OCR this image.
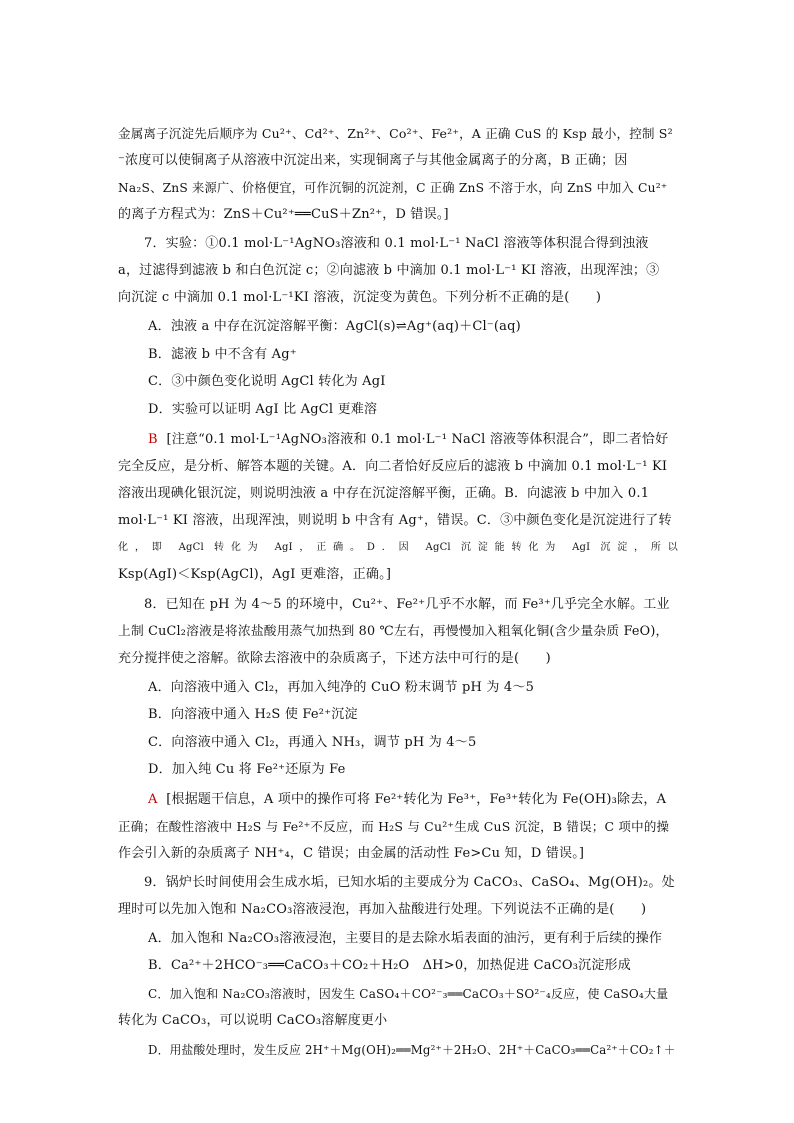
金属离子沉淀先后顺序为 Cu²⁺、Cd²⁺、Zn²⁺、Co²⁺、Fe²⁺，A 正确 CuS 的 Ksp 最小，控制 S²
⁻浓度可以使铜离子从溶液中沉淀出来，实现铜离子与其他金属离子的分离，B 正确；因
Na₂S、ZnS 来源广、价格便宜，可作沉铜的沉淀剂，C 正确 ZnS 不溶于水，向 ZnS 中加入 Cu²⁺
的离子方程式为：ZnS＋Cu²⁺══CuS＋Zn²⁺，D 错误。]
7．实验：①0.1 mol·L⁻¹AgNO₃溶液和 0.1 mol·L⁻¹ NaCl 溶液等体积混合得到浊液
a，过滤得到滤液 b 和白色沉淀 c；②向滤液 b 中滴加 0.1 mol·L⁻¹ KI 溶液，出现浑浊；③
向沉淀 c 中滴加 0.1 mol·L⁻¹KI 溶液，沉淀变为黄色。下列分析不正确的是(　　)
A．浊液 a 中存在沉淀溶解平衡：AgCl(s)⇌Ag⁺(aq)＋Cl⁻(aq)
B．滤液 b 中不含有 Ag⁺
C．③中颜色变化说明 AgCl 转化为 AgI
D．实验可以证明 AgI 比 AgCl 更难溶
B [注意“0.1 mol·L⁻¹AgNO₃溶液和 0.1 mol·L⁻¹ NaCl 溶液等体积混合”，即二者恰好
完全反应，是分析、解答本题的关键。A．向二者恰好反应后的滤液 b 中滴加 0.1 mol·L⁻¹ KI
溶液出现碘化银沉淀，则说明浊液 a 中存在沉淀溶解平衡，正确。B．向滤液 b 中加入 0.1
mol·L⁻¹ KI 溶液，出现浑浊，则说明 b 中含有 Ag⁺，错误。C．③中颜色变化是沉淀进行了转
化，即 AgCl 转化为 AgI，正确。D．因 AgCl 沉淀能转化为 AgI 沉淀，所以
Ksp(AgI)＜Ksp(AgCl)，AgI 更难溶，正确。]
8．已知在 pH 为 4～5 的环境中，Cu²⁺、Fe²⁺几乎不水解，而 Fe³⁺几乎完全水解。工业
上制 CuCl₂溶液是将浓盐酸用蒸气加热到 80 ℃左右，再慢慢加入粗氧化铜(含少量杂质 FeO)，
充分搅拌使之溶解。欲除去溶液中的杂质离子，下述方法中可行的是(　　)
A．向溶液中通入 Cl₂，再加入纯净的 CuO 粉末调节 pH 为 4～5
B．向溶液中通入 H₂S 使 Fe²⁺沉淀
C．向溶液中通入 Cl₂，再通入 NH₃，调节 pH 为 4～5
D．加入纯 Cu 将 Fe²⁺还原为 Fe
A [根据题干信息，A 项中的操作可将 Fe²⁺转化为 Fe³⁺，Fe³⁺转化为 Fe(OH)₃除去，A
正确；在酸性溶液中 H₂S 与 Fe²⁺不反应，而 H₂S 与 Cu²⁺生成 CuS 沉淀，B 错误；C 项中的操
作会引入新的杂质离子 NH⁺₄，C 错误；由金属的活动性 Fe>Cu 知，D 错误。]
9．锅炉长时间使用会生成水垢，已知水垢的主要成分为 CaCO₃、CaSO₄、Mg(OH)₂。处
理时可以先加入饱和 Na₂CO₃溶液浸泡，再加入盐酸进行处理。下列说法不正确的是(　　)
A．加入饱和 Na₂CO₃溶液浸泡，主要目的是去除水垢表面的油污，更有利于后续的操作
B．Ca²⁺＋2HCO⁻₃══CaCO₃＋CO₂＋H₂O　ΔH>0，加热促进 CaCO₃沉淀形成
C．加入饱和 Na₂CO₃溶液时，因发生 CaSO₄＋CO²⁻₃══CaCO₃＋SO²⁻₄反应，使 CaSO₄大量
转化为 CaCO₃，可以说明 CaCO₃溶解度更小
D．用盐酸处理时，发生反应 2H⁺＋Mg(OH)₂══Mg²⁺＋2H₂O、2H⁺＋CaCO₃══Ca²⁺＋CO₂↑＋
